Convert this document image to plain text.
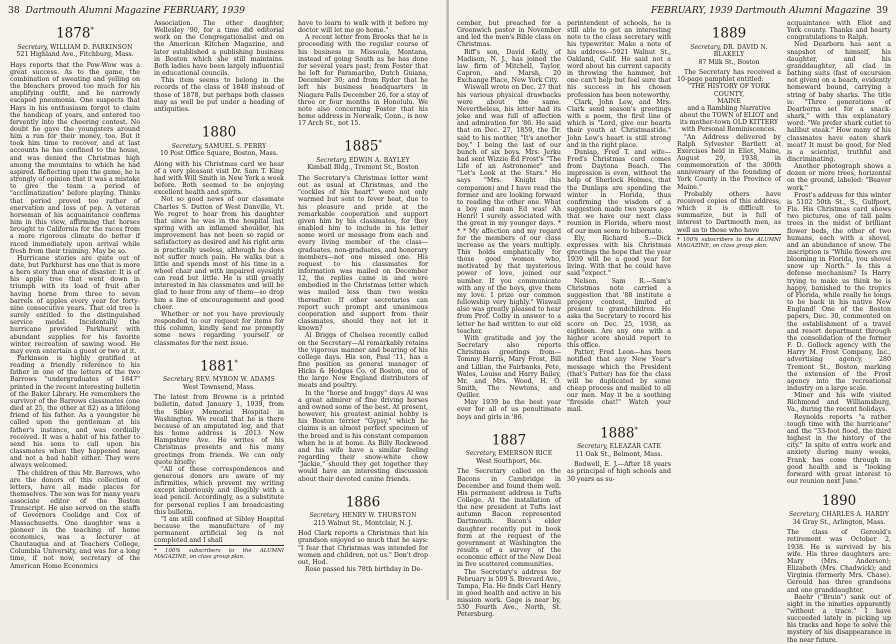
38 Dartmouth Alumni Magazine FEBRUARY, 1939
1878*
Secretary, WILLIAM D. PARKINSON
521 Highland Ave., Fitchburg, Mass.

Hays reports that the Pow-Wow was a great success. As to the game, the combination of sweating and yelling on the bleachers proved too much for his amplifying outfit, and he narrowly escaped pneumonia. One suspects that Hays in his enthusiasm forgot to claim the handicap of years, and entered too fervently into the cheering contest. No doubt he gave the youngsters around him a run for their money, too. But it took him time to recover, and at last accounts he has confined to the house, and was denied the Christmas high among the mountains to which he had aspired. Reflecting upon the game, he is strongly of opinion that it was a mistake to give the team a period of "acclimatization" before playing. Thinks that period proved too rather of enervation and loss of pep. A veteran horseman of his acquaintance confirms him in this view, affirming that horses brought to California for the races from a more rigorous climate do better if raced immediately upon arrival while fresh from their training. May be so.

Hurricane stories are quite out of date, but Parkhurst has one that is more a hero story than one of disaster. It is of his apple tree that went down in triumph with its load of fruit after having borne from three to seven barrels of apples every year for forty-nine consecutive years. That old tree is surely entitled to the distinguished service medal. Incidentally the hurricane provided Parkhurst with abundant supplies for his favorite winter recreation of sawing wood. He may even entertain a guest or two at it.

Parkinson is highly gratified at reading a friendly reference to his father in one of the letters of the two Barrows "undergraduates of 1847" printed in the recent interesting bulletin of the Baker Library. He remembers the survivor of the Barrows classmates (one died at 25, the other at 82) as a lifelong friend of his father. As a youngster he called upon the gentleman at his father's instance, and was cordially received. It was a habit of his father to send his sons to call upon his classmates when they happened near, and not a bad habit either. They were always welcomed.

The children of this Mr. Barrows, who are the donors of this collection of letters, have all made places for themselves. The son was for many years associate editor of the Boston Transcript. He also served on the staffs of Governors Coolidge and Cox of Massachusetts. One daughter was a pioneer in the teaching of home economics, was a lecturer at Chautauqua and at Teachers College, Columbia University, and was for a long time, if not now, secretary of the American Home Economics

Association. The other daughter, Wellesley '90, for a time did editorial work on the Congregationalist and on the American Kitchen Magazine, and later established a publishing business in Boston which she still maintains. Both ladies have been largely influential in educational councils.

This item seems to belong in the records of the class of 1848 instead of those of 1878, but perhaps both classes may as well be put under a heading of antiquities.

1880
Secretary, SAMUEL S. PERRY
10 Post Office Square, Boston, Mass.

Along with his Christmas card we hear of a very pleasant visit Dr. Sam T. King had with Will Smith in New York a week before. Both seemed to be enjoying excellent health and spirits.

Not so good news of our classmate Charles S. Dutton of West Danville, Vt. We regret to hear from his daughter that since he was in the hospital last spring with an inflamed shoulder, his improvement has not been so rapid or satisfactory as desired and his right arm is practically useless, although he does not suffer much pain. He walks but a little and spends most of his time in a wheel chair and with impaired eyesight can read but little. He is still greatly interested in his classmates and will be glad to hear from any of them—so drop him a line of encouragement and good cheer.

Whether or not you have previously responded to our request for items for this column, kindly send me promptly some news regarding yourself or classmates for the next issue.

1881*
Secretary, REV. MYRON W. ADAMS
West Townsend, Mass.

The latest from Browne is a printed bulletin, dated January 1, 1939, from the Sibley Memorial Hospital in Washington. We recall that he is there because of an amputated leg, and that his home address is 2013 New Hampshire Ave. He writes of his Christmas presents and his many greetings from friends. We can only quote briefly:

"All of these correspondences and generous donors are aware of my infirmities, which prevent my writing except laboriously and illegibly with a lead pencil. Accordingly, as a substitute for personal replies I am broadcasting this bulletin.

"I am still confined at Sibley Hospital because the manufacture of my permanent artificial leg is not completed and I shall

* 100% subscribers to the ALUMNI MAGAZINE, on class group plan.

have to learn to walk with it before my doctor will let me go home."

A recent letter from Brooks that he is proceeding with the regular course of his business in Missoula, Montana, instead of going South as he has done for several years past; from Foster that he left for Paramaribo, Dutch Guiana, December 30; and from Ryder that he left his business headquarters in Niagara Falls December 26, for a stay of three or four months in Honolulu. We note also concerning Foster that his home address in Norwalk, Conn., is now 17 Arch St., not 15.

1885*
Secretary, EDWIN A. BAYLEY
Kimball Bldg., Tremont St., Boston

The Secretary's Christmas letter went out as usual at Christmas, and the "cockles of his heart" were not only warmed but sent to fever heat, due to his pleasure and pride at the remarkable cooperation and support given him by his classmates, for they enabled him to include in his letter some word or message from each and every living member of the class—graduates, non-graduates, and honorary members—not one missed one. His request to his classmates for information was mailed on December 12, the replies came in and were embodied in the Christmas letter which was mailed less than two weeks thereafter. If other secretaries can report such prompt and unanimous cooperation and support from their classmates, should they not let it known?

Al Briggs of Chelsea recently called on the Secretary—Al remarkably retains the vigorous manner and bearing of his college days. His son, Paul '11, has a fine position as general manager of Hicks & Hodges Co. of Boston, one of the large New England distributors of meats and poultry.

In the "horse and buggy" days Al was a great admirer of fine driving horses and owned some of the best. At present, however, his greatest animal hobby is his Boston terrier "Gypsy," which he claims is an almost perfect specimen of the breed and is his constant companion when he is at home. As Billy Rockwood and his wife have a similar feeling regarding their snow-white chow "Jackie," should they get together they would have an interesting discussion about their devoted canine friends.

1886
Secretary, HENRY W. THURSTON
215 Walnut St., Montclair, N. J.

Hod Clark reports a Christmas that his grandson enjoyed so much that he says: "I fear that Christmas was intended for women and children, not us." Don't drop out, Hod.

Rose passed his 78th birthday in De-

FEBRUARY, 1939 Dartmouth Alumni Magazine 39

cember, but preached for a Greenwich pastor in November and led the men's Bible class on Christmas.

Biff's son, David Kelly, of Madison, N. J., has joined the law firm of Mitchell, Taylor, Capron, and Marsh, 20 Exchange Place, New York City.

Wiswall wrote on Dec. 27 that his various physical drawbacks were about the same. Nevertheless, his letter had its joke and was full of affection and admiration for '86. He said that on Dec. 27, 1859, the Dr. said to his mother, "It's another boy." I being the last of our bunch of six boys. Mrs. Jerku had sent Wizzie Ed Frost's "The Life of an Astronomer" and "Let's Look at the Stars." He says "Mrs. Knight (his companion) and I have read the former and are looking forward to reading the other one. What a boy and man Ed was! Ah Henri! I surely associated with the great in my younger days. * * * My affection and my regard for the members of our class increase as the years multiply. This holds emphatically for those good women who, motivated by that mysterious power of love, joined our number. If you communicate with any of the boys, give them my love. I prize our common fellowship very highly." Wiswall also was greatly pleased to hear from Prof. Colby in answer to a letter he had written to our old teacher.

With gratitude and joy the Secretary also reports Christmas greetings from—Tommy Harris, Mary Frost, Bill and Lillian, the Fairbanks, Pete, Wales, Louise and Harry Bailey, Mr. and Mrs. Wood, H. O. Smith, The Newtons, and Quiller.

May 1939 be the best year ever for all of us penultimate boys and girls in '86.

1887
Secretary, EMERSON RICE
West Southport, Me.

The Secretary called on the Bacons in Cambridge in December and found them well. His permanent address is Tufts College. At the installation of the new president at Tufts last autumn Bacon represented Dartmouth. Bacon's elder daughter recently put in book form at the request of the government at Washington the results of a survey of the economic effect of the New Deal in five scattered communities.

The Secretary's address for February is 509 S. Brevard Ave., Tampa, Fla. He finds Carl Henry in good health and active in his mission work. Gage is near by, 530 Fourth Ave., North, St. Petersburg.

perintendent of schools, he is still able to get an interesting note to the class secretary with his typewriter. Make a note of his address—5921 Walnut St., Oakland, Calif. He said not a word about his current capacity in throwing the hammer, but one can't help but feel sure that his success in his chosen profession has been noteworthy.

Clark, John Lew, and Mrs. Clark send season's greetings with a poem, the first line of which is "Lord, give our hearts their youth at Christmastide." John Lew's heart is still strong and in the right place.

Dunlap, Fred T. and wife—Fred's Christmas card comes from Daytona Beach. The impression is even, without the help of Sherlock Holmes, that the Dunlaps are spending the winter in Florida, thus confirming the wisdom of a suggestion made two years ago that we have our next class reunion in Florida, where most of our men seem to hibernate.

Ely, Richard S.—Dick expresses with his Christmas greetings the hope that the year 1939 will be a good year for living. With that he could have said "expect."

Nelson, Sam R.—Sam's Christmas note carried a suggestion that '88 institute a progeny contest, limited at present to grandchildren. He asks the Secretary to record his score on Dec. 25, 1938, as eighteen. Are any one with a higher score should report to this office.

Patter, Fred Leon—has been notified that any New Year's message which the President (that's Patter) has for the class will be duplicated by some cheap process and mailed to all our men. May it be a soothing "fireside chat!" Watch your mail.

1888*
Secretary, ELEAZAR CATE
11 Oak St., Belmont, Mass.

Bodwell, E. J.—After 18 years as principal of high schools and 30 years as su-

1889
Secretary, DR. DAVID N. BLAKELY
87 Milk St., Boston

The Secretary has received a 10-page pamphlet entitled:

"THE HISTORY OF YORK COUNTY,

MAINE

and a Rambling Narrative

about the TOWN of ELIOT and

its mother-town OLD KITTERY

with Personal Reminiscences.

"An Address delivered by Ralph Sylvester Bartlett at Exercises held in Eliot, Maine, August 29, 1938, in commemoration of the 300th anniversary of the founding of York County in the Province of Maine."

Probably others have received copies of this address, which it is difficult to summarize, but is full of interest to Dartmouth men, as well as to those who have

* 100% subscribers to the ALUMNI MAGAZINE, on class group plan.

acquaintance with Eliot and York county. Thanks and hearty congratulations to Ralph.

Ned Dearborn has sent a snapshot of himself, his daughter, and his granddaughter, all clad in bathing suits (fast of excursion not given) on a beach, evidently homeward bound, carrying a string of baby sharks. The title is: "Three generations of Dearborns set for a snack-shark," with this explanatory word: "We prefer shark cutlet to halibut steak." How many of his classmates have eaten shark meat? It must be good, for Ned is a scientist, truthful and discriminating.

Another photograph shows a dozen or more trees, horizontal on the ground, labeled: "Beaver work."

Frost's address for this winter is 5102 50th St., S., Gulfport, Fla. His Christmas card shows two pictures, one of tall palm trees in the midst of brilliant flower beds, the other of two humans, each with a shovel, and an abundance of snow. The inscription is "While flowers are blooming in Florida, you shovel snow up North." Is this a defense mechanism? Is Harry trying to make us think he is happy, banished to the tropics of Florida, while really he longs to be back in his native New England! One of the Boston papers, Dec. 30, commented on the establishment of a travel and resort department through the consolidation of the former F. D. Gollock agency with the Harry M. Frost Company, Inc., advertising agency, 280 Tremont St., Boston, marking the extension of the Frost agency into the recreational industry on a large scale.

Miner and his wife visited Richmond and Williamsburg, Va., during the recent holidays.

Reynolds reports "a rather tough time with the hurricane" and the "33-foot flood, the third highest in the history of the city." In spite of extra work and anxiety during many weeks, Frank has come through in good health and is "looking forward with great interest to our reunion next June."

1890
Secretary, CHARLES A. HARDY
34 Gray St., Arlington, Mass.

The class of Gerould's retirement was October 2, 1938. He is survived by his wife. His three daughters are: Mary (Mrs. Anderson); Elizabeth (Mrs. Chadwick); and Virginia (formerly Mrs. Chase). Gerould has three grandsons and one granddaughter.

Baehr ("Bruin") sank out of sight in the nineties apparently "without a trace." I have succeeded lately in picking up his tracks and hope to solve the mystery of his disappearance in the near future.
